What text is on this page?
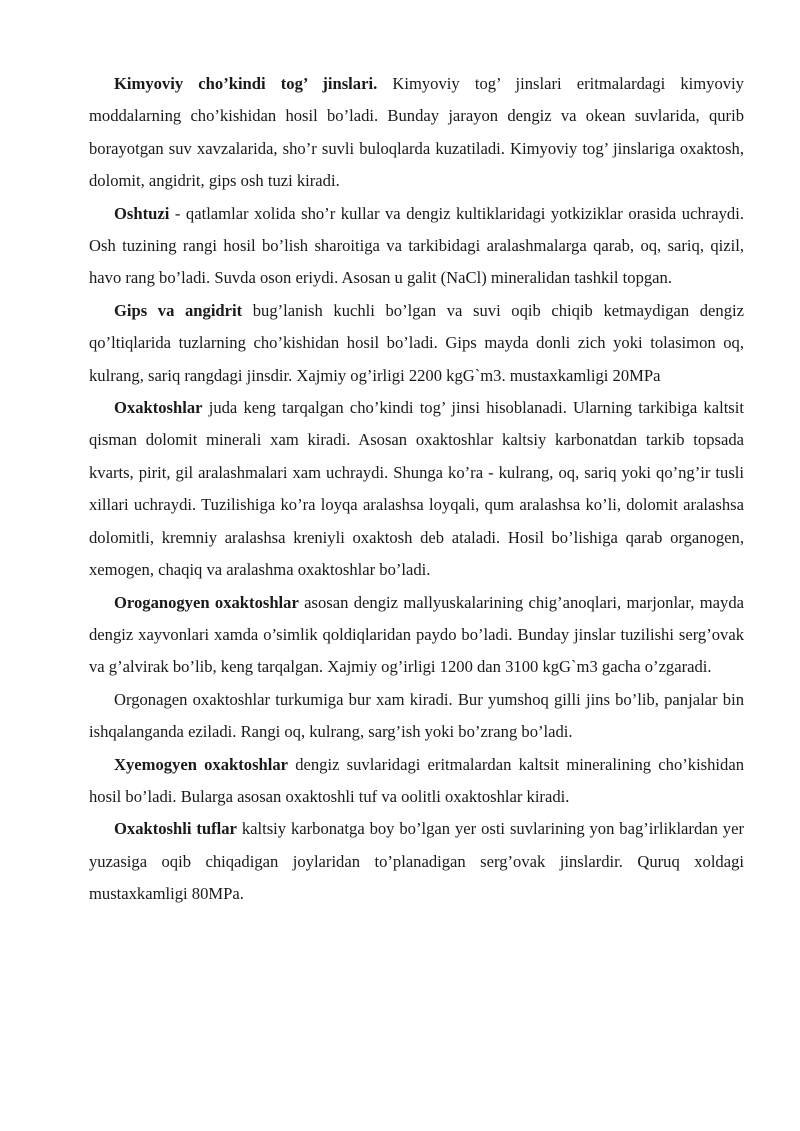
Kimyoviy cho’kindi tog’ jinslari. Kimyoviy tog’ jinslari eritmalardagi kimyoviy moddalarning cho’kishidan hosil bo’ladi. Bunday jarayon dengiz va okean suvlarida, qurib borayotgan suv xavzalarida, sho’r suvli buloqlarda kuzatiladi. Kimyoviy tog’ jinslariga oxaktosh, dolomit, angidrit, gips osh tuzi kiradi.

Oshtuzi - qatlamlar xolida sho’r kullar va dengiz kultiklaridagi yotkiziklar orasida uchraydi. Osh tuzining rangi hosil bo’lish sharoitiga va tarkibidagi aralashmalarga qarab, oq, sariq, qizil, havo rang bo’ladi. Suvda oson eriydi. Asosan u galit (NaCl) mineralidan tashkil topgan.

Gips va angidrit bug’lanish kuchli bo’lgan va suvi oqib chiqib ketmaydigan dengiz qo’ltiqlarida tuzlarning cho’kishidan hosil bo’ladi. Gips mayda donli zich yoki tolasimon oq, kulrang, sariq rangdagi jinsdir. Xajmiy og’irligi 2200 kgG`m3. mustaxkamligi 20MPa

Oxaktoshlar juda keng tarqalgan cho’kindi tog’ jinsi hisoblanadi. Ularning tarkibiga kaltsit qisman dolomit minerali xam kiradi. Asosan oxaktoshlar kaltsiy karbonatdan tarkib topsada kvarts, pirit, gil aralashmalari xam uchraydi. Shunga ko’ra - kulrang, oq, sariq yoki qo’ng’ir tusli xillari uchraydi. Tuzilishiga ko’ra loyqa aralashsa loyqali, qum aralashsa ko’li, dolomit aralashsa dolomitli, kremniy aralashsa kreniyli oxaktosh deb ataladi. Hosil bo’lishiga qarab organogen, xemogen, chaqiq va aralashma oxaktoshlar bo’ladi.

Oroganogyen oxaktoshlar asosan dengiz mallyuskalarining chig’anoqlari, marjonlar, mayda dengiz xayvonlari xamda o’simlik qoldiqlaridan paydo bo’ladi. Bunday jinslar tuzilishi serg’ovak va g’alvirak bo’lib, keng tarqalgan. Xajmiy og’irligi 1200 dan 3100 kgG`m3 gacha o’zgaradi.

Orgonagen oxaktoshlar turkumiga bur xam kiradi. Bur yumshoq gilli jins bo’lib, panjalar bin ishqalanganda eziladi. Rangi oq, kulrang, sarg’ish yoki bo’zrang bo’ladi.

Xyemogyen oxaktoshlar dengiz suvlaridagi eritmalardan kaltsit mineralining cho’kishidan hosil bo’ladi. Bularga asosan oxaktoshli tuf va oolitli oxaktoshlar kiradi.

Oxaktoshli tuflar kaltsiy karbonatga boy bo’lgan yer osti suvlarining yon bag’irliklardan yer yuzasiga oqib chiqadigan joylaridan to’planadigan serg’ovak jinslardir. Quruq xoldagi mustaxkamligi 80MPa.
